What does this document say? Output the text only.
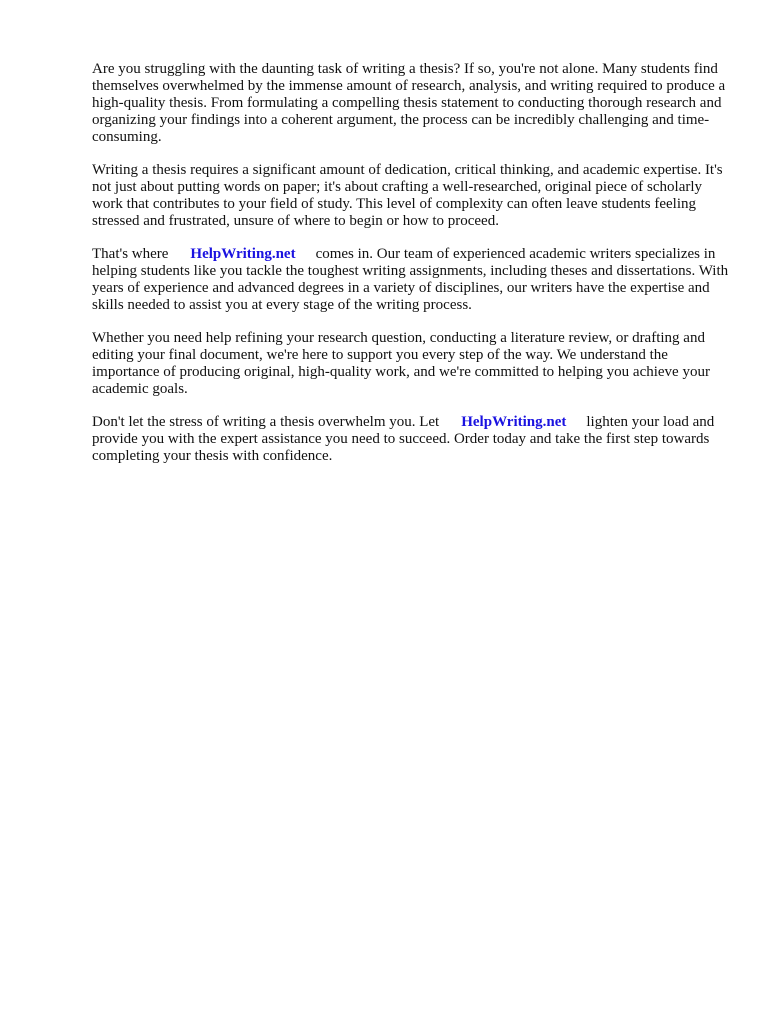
Are you struggling with the daunting task of writing a thesis? If so, you're not alone. Many students find themselves overwhelmed by the immense amount of research, analysis, and writing required to produce a high-quality thesis. From formulating a compelling thesis statement to conducting thorough research and organizing your findings into a coherent argument, the process can be incredibly challenging and time-consuming.

Writing a thesis requires a significant amount of dedication, critical thinking, and academic expertise. It's not just about putting words on paper; it's about crafting a well-researched, original piece of scholarly work that contributes to your field of study. This level of complexity can often leave students feeling stressed and frustrated, unsure of where to begin or how to proceed.

That's where HelpWriting.net comes in. Our team of experienced academic writers specializes in helping students like you tackle the toughest writing assignments, including theses and dissertations. With years of experience and advanced degrees in a variety of disciplines, our writers have the expertise and skills needed to assist you at every stage of the writing process.

Whether you need help refining your research question, conducting a literature review, or drafting and editing your final document, we're here to support you every step of the way. We understand the importance of producing original, high-quality work, and we're committed to helping you achieve your academic goals.

Don't let the stress of writing a thesis overwhelm you. Let HelpWriting.net lighten your load and provide you with the expert assistance you need to succeed. Order today and take the first step towards completing your thesis with confidence.
